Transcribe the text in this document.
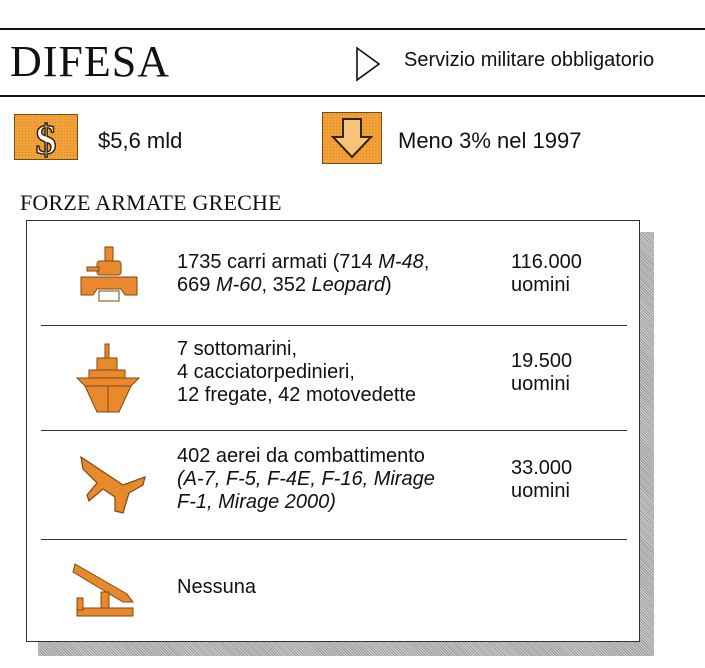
DIFESA	Servizio militare obbligatorio
$ $5,6 mld	Meno 3% nel 1997
FORZE ARMATE GRECHE
1735 carri armati (714 M-48,
669 M-60, 352 Leopard)
116.000
uomini
7 sottomarini,
4 cacciatorpedinieri,
12 fregate, 42 motovedette
19.500
uomini
402 aerei da combattimento
(A-7, F-5, F-4E, F-16, Mirage
F-1, Mirage 2000)
33.000
uomini
Nessuna
